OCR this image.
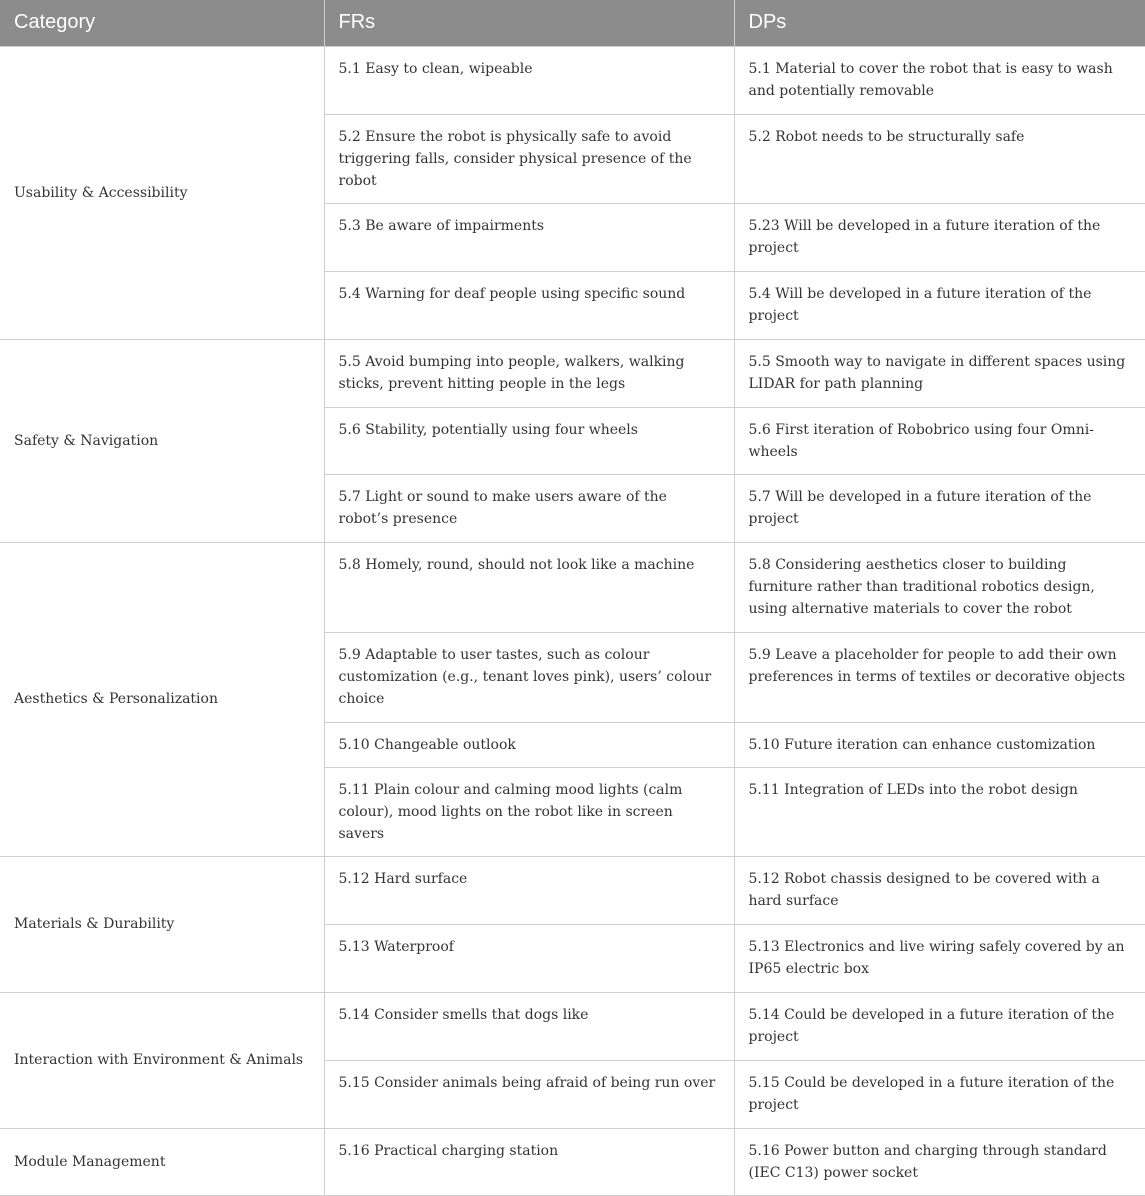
Category	FRs	DPs
Usability & Accessibility	5.1 Easy to clean, wipeable	5.1 Material to cover the robot that is easy to wash and potentially removable
	5.2 Ensure the robot is physically safe to avoid triggering falls, consider physical presence of the robot	5.2 Robot needs to be structurally safe
	5.3 Be aware of impairments	5.23 Will be developed in a future iteration of the project
	5.4 Warning for deaf people using specific sound	5.4 Will be developed in a future iteration of the project
Safety & Navigation	5.5 Avoid bumping into people, walkers, walking sticks, prevent hitting people in the legs	5.5 Smooth way to navigate in different spaces using LIDAR for path planning
	5.6 Stability, potentially using four wheels	5.6 First iteration of Robobrico using four Omni-wheels
	5.7 Light or sound to make users aware of the robot’s presence	5.7 Will be developed in a future iteration of the project
Aesthetics & Personalization	5.8 Homely, round, should not look like a machine	5.8 Considering aesthetics closer to building furniture rather than traditional robotics design, using alternative materials to cover the robot
	5.9 Adaptable to user tastes, such as colour customization (e.g., tenant loves pink), users’ colour choice	5.9 Leave a placeholder for people to add their own preferences in terms of textiles or decorative objects
	5.10 Changeable outlook	5.10 Future iteration can enhance customization
	5.11 Plain colour and calming mood lights (calm colour), mood lights on the robot like in screen savers	5.11 Integration of LEDs into the robot design
Materials & Durability	5.12 Hard surface	5.12 Robot chassis designed to be covered with a hard surface
	5.13 Waterproof	5.13 Electronics and live wiring safely covered by an IP65 electric box
Interaction with Environment & Animals	5.14 Consider smells that dogs like	5.14 Could be developed in a future iteration of the project
	5.15 Consider animals being afraid of being run over	5.15 Could be developed in a future iteration of the project
Module Management	5.16 Practical charging station	5.16 Power button and charging through standard (IEC C13) power socket
